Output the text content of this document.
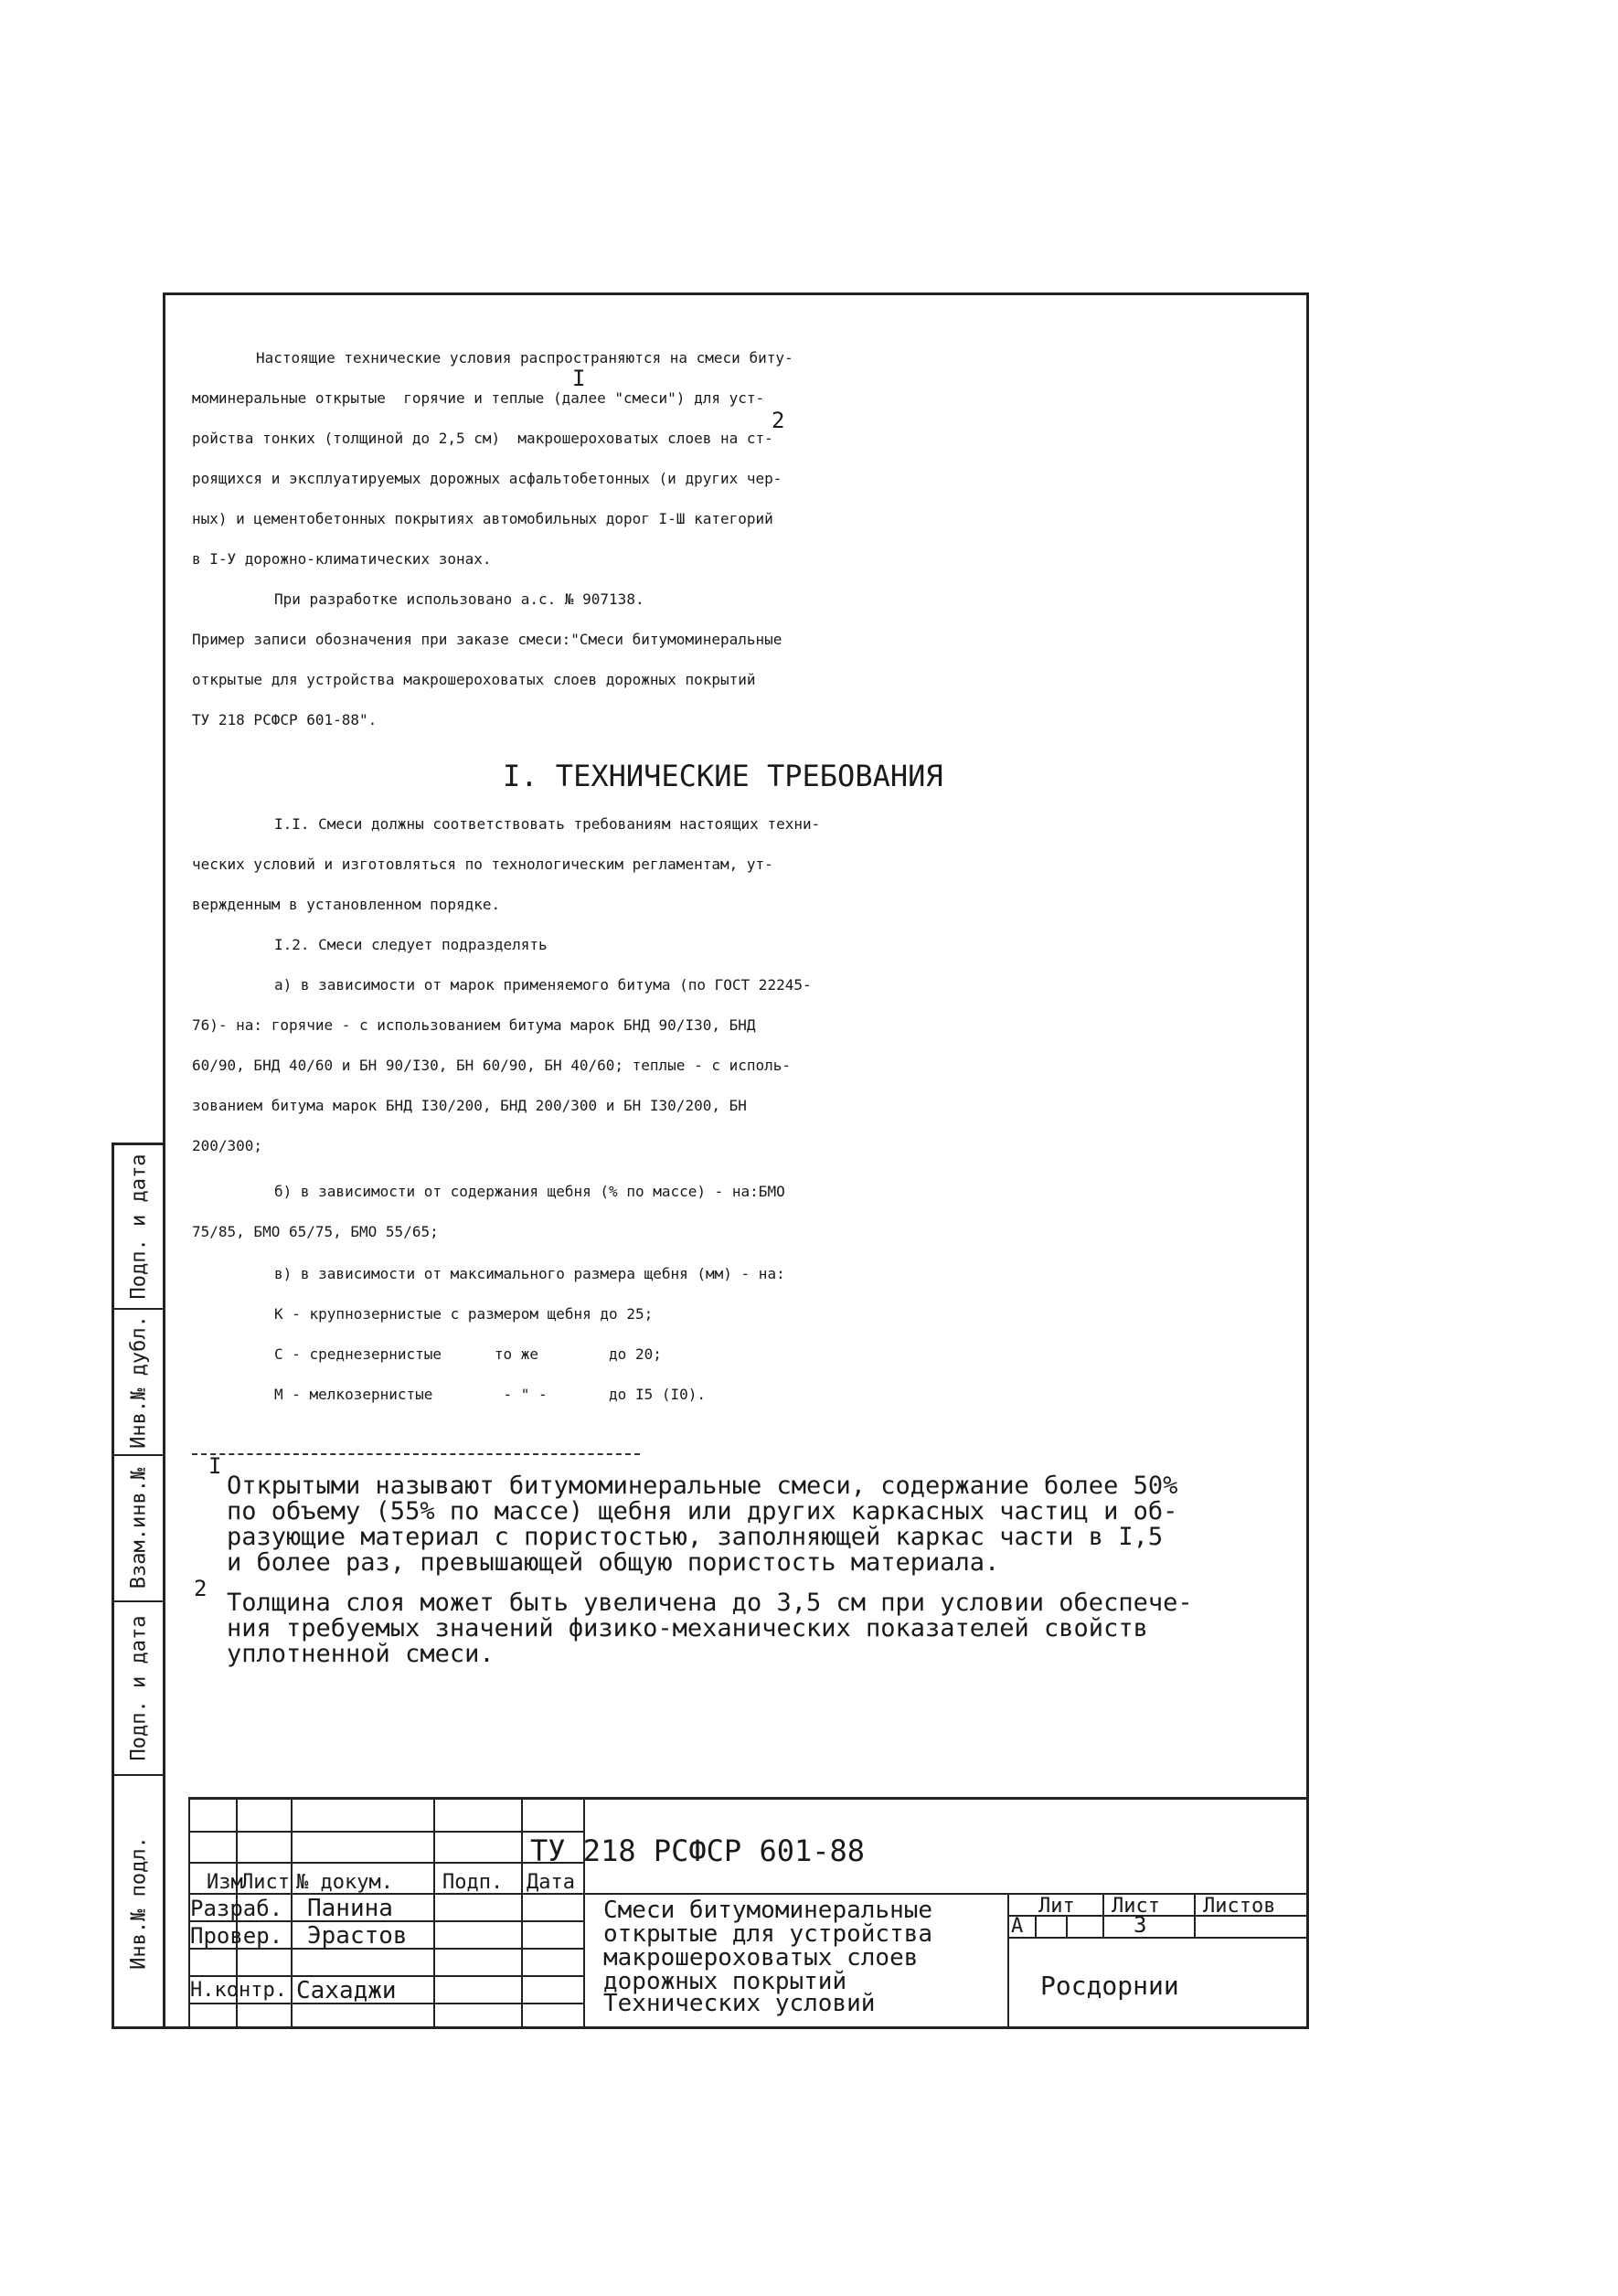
Подп. и дата
Инв.№ дубл.
Взам.инв.№
Подп. и дата
Инв.№ подл.
Настоящие технические условия распространяются на смеси биту-
моминеральные открытые  горячие и теплые (далее "смеси") для уст-
ройства тонких (толщиной до 2,5 см)  макрошероховатых слоев на ст-
роящихся и эксплуатируемых дорожных асфальтобетонных (и других чер-
ных) и цементобетонных покрытиях автомобильных дорог I-Ш категорий
в I-У дорожно-климатических зонах.
I
2
При разработке использовано а.с. № 907138.
Пример записи обозначения при заказе смеси:"Смеси битумоминеральные
открытые для устройства макрошероховатых слоев дорожных покрытий
ТУ 218 РСФСР 601-88".
I. ТЕХНИЧЕСКИЕ ТРЕБОВАНИЯ
I.I. Смеси должны соответствовать требованиям настоящих техни-
ческих условий и изготовляться по технологическим регламентам, ут-
вержденным в установленном порядке.
I.2. Смеси следует подразделять
а) в зависимости от марок применяемого битума (по ГОСТ 22245-
76)- на: горячие - с использованием битума марок БНД 90/I30, БНД
60/90, БНД 40/60 и БН 90/I30, БН 60/90, БН 40/60; теплые - с исполь-
зованием битума марок БНД I30/200, БНД 200/300 и БН I30/200, БН
200/300;
б) в зависимости от содержания щебня (% по массе) - на:БМО
75/85, БМО 65/75, БМО 55/65;
в) в зависимости от максимального размера щебня (мм) - на:
К - крупнозернистые с размером щебня до 25;
С - среднезернистые      то же        до 20;
М - мелкозернистые        - " -       до I5 (I0).
I
Открытыми называют битумоминеральные смеси, содержание более 50%
по объему (55% по массе) щебня или других каркасных частиц и об-
разующие материал с пористостью, заполняющей каркас части в I,5
и более раз, превышающей общую пористость материала.
2 Толщина слоя может быть увеличена до 3,5 см при условии обеспече-
ния требуемых значений физико-механических показателей свойств
уплотненной смеси.
Изм
Лист № докум. Подп. Дата
Разраб.
Провер.
Н.контр.
Панина
Эрастов
Сахаджи
Смеси битумоминеральные
открытые для устройства
макрошероховатых слоев
дорожных покрытий
Технических условий
Лит Лист Листов
А	3
ТУ 218 РСФСР 601-88
Росдорнии
